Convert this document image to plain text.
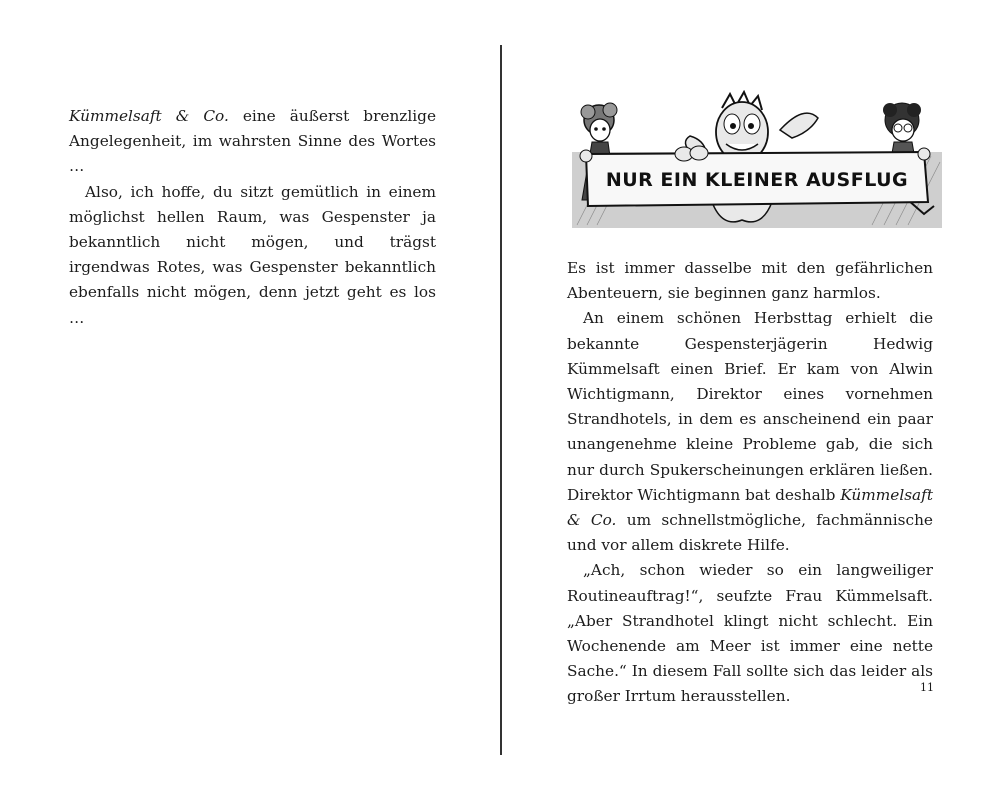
Kümmelsaft & Co. eine äußerst brenzlige Angelegenheit, im wahrsten Sinne des Wortes …

Also, ich hoffe, du sitzt gemütlich in einem möglichst hellen Raum, was Gespenster ja bekanntlich nicht mögen, und trägst irgendwas Rotes, was Gespenster bekanntlich ebenfalls nicht mögen, denn jetzt geht es los …

NUR EIN KLEINER AUSFLUG

Es ist immer dasselbe mit den gefährlichen Abenteuern, sie beginnen ganz harmlos.

An einem schönen Herbsttag erhielt die bekannte Gespensterjägerin Hedwig Kümmelsaft einen Brief. Er kam von Alwin Wichtigmann, Direktor eines vornehmen Strandhotels, in dem es anscheinend ein paar unangenehme kleine Probleme gab, die sich nur durch Spukerscheinungen erklären ließen. Direktor Wichtigmann bat deshalb Kümmelsaft & Co. um schnellstmögliche, fachmännische und vor allem diskrete Hilfe.

„Ach, schon wieder so ein langweiliger Routineauftrag!“, seufzte Frau Kümmelsaft. „Aber Strandhotel klingt nicht schlecht. Ein Wochenende am Meer ist immer eine nette Sache.“ In diesem Fall sollte sich das leider als großer Irrtum herausstellen.	11
